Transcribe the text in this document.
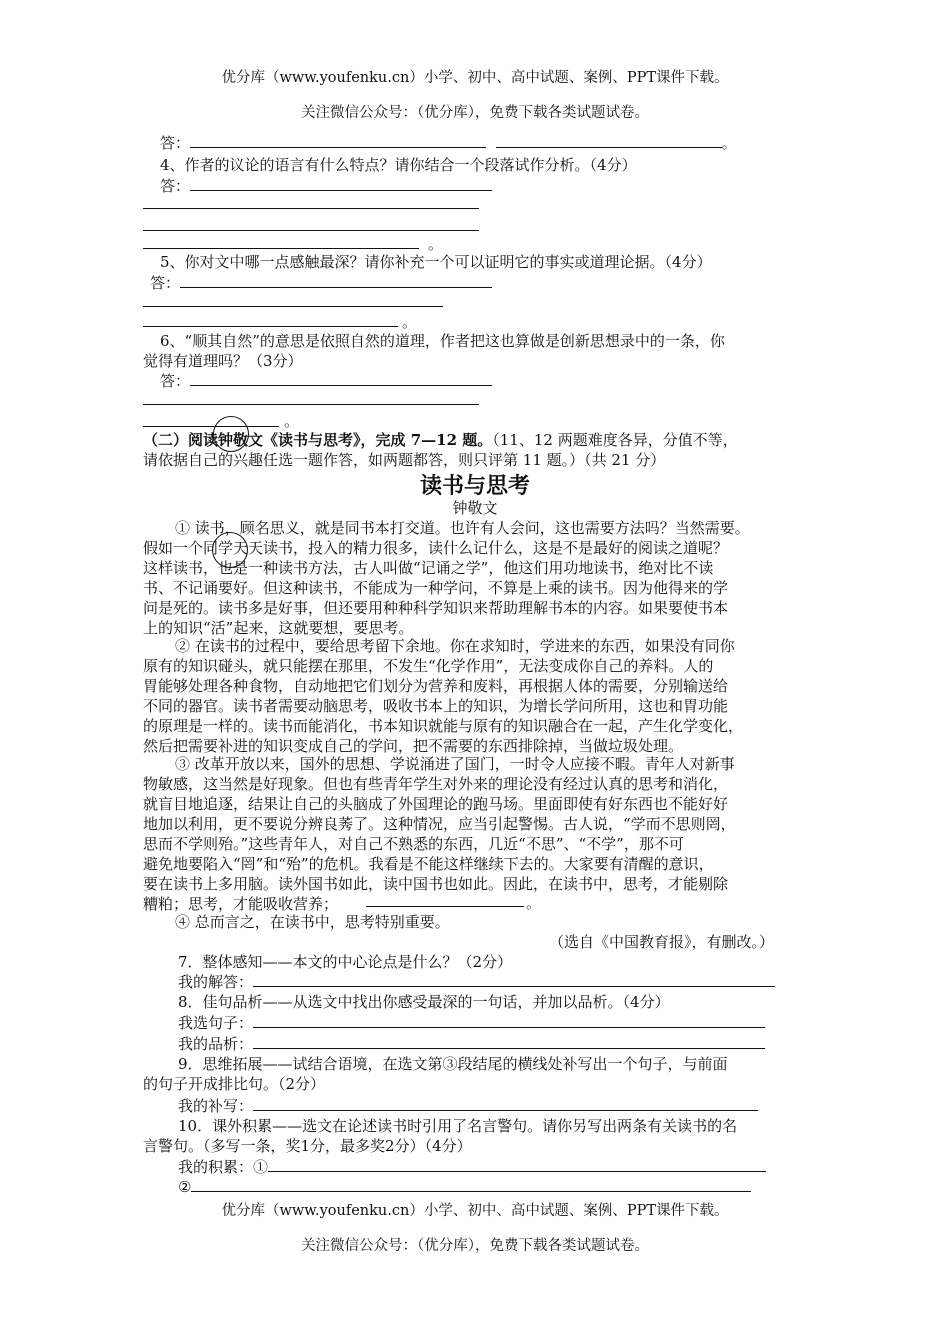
优分库（www.youfenku.cn）小学、初中、高中试题、案例、PPT课件下载。
关注微信公众号：（优分库），免费下载各类试题试卷。
答：	。
4、作者的议论的语言有什么特点？请你结合一个段落试作分析。（4分）
答：
。
5、你对文中哪一点感触最深？请你补充一个可以证明它的事实或道理论据。（4分）
答：
。
6、“顺其自然”的意思是依照自然的道理，作者把这也算做是创新思想录中的一条，你
觉得有道理吗？（3分）
答：
。
（二）阅读钟敬文《读书与思考》，完成 7—12 题。（11、12 两题难度各异，分值不等，
请依据自己的兴趣任选一题作答，如两题都答，则只评第 11 题。）（共 21 分）
读书与思考
钟敬文
① 读书，顾名思义，就是同书本打交道。也许有人会问，这也需要方法吗？当然需要。
假如一个同学天天读书，投入的精力很多，读什么记什么，这是不是最好的阅读之道呢？
这样读书，也是一种读书方法，古人叫做“记诵之学”，他这们用功地读书，绝对比不读
书、不记诵要好。但这种读书，不能成为一种学问，不算是上乘的读书。因为他得来的学
问是死的。读书多是好事，但还要用种种科学知识来帮助理解书本的内容。如果要使书本
上的知识“活”起来，这就要想，要思考。
② 在读书的过程中，要给思考留下余地。你在求知时，学进来的东西，如果没有同你
原有的知识碰头，就只能摆在那里，不发生“化学作用”，无法变成你自己的养料。人的
胃能够处理各种食物，自动地把它们划分为营养和废料，再根据人体的需要，分别输送给
不同的器官。读书者需要动脑思考，吸收书本上的知识，为增长学问所用，这也和胃功能
的原理是一样的。读书而能消化，书本知识就能与原有的知识融合在一起，产生化学变化，
然后把需要补进的知识变成自己的学问，把不需要的东西排除掉，当做垃圾处理。
③ 改革开放以来，国外的思想、学说涌进了国门，一时令人应接不暇。青年人对新事
物敏感，这当然是好现象。但也有些青年学生对外来的理论没有经过认真的思考和消化，
就盲目地追逐，结果让自己的头脑成了外国理论的跑马场。里面即使有好东西也不能好好
地加以利用，更不要说分辨良莠了。这种情况，应当引起警惕。古人说，“学而不思则罔，
思而不学则殆。”这些青年人，对自己不熟悉的东西，几近“不思”、“不学”，那不可
避免地要陷入“罔”和“殆”的危机。我看是不能这样继续下去的。大家要有清醒的意识，
要在读书上多用脑。读外国书如此，读中国书也如此。因此，在读书中，思考，才能剔除
糟粕；思考，才能吸收营养；	。
④ 总而言之，在读书中，思考特别重要。
（选自《中国教育报》，有删改。）
7．整体感知——本文的中心论点是什么？（2分）
我的解答：
8．佳句品析——从选文中找出你感受最深的一句话，并加以品析。（4分）
我选句子：
我的品析：
9．思维拓展——试结合语境，在选文第③段结尾的横线处补写出一个句子，与前面
的句子开成排比句。（2分）
我的补写：
10．课外积累——选文在论述读书时引用了名言警句。请你另写出两条有关读书的名
言警句。（多写一条，奖1分，最多奖2分）（4分）
我的积累：①
②
优分库（www.youfenku.cn）小学、初中、高中试题、案例、PPT课件下载。
关注微信公众号：（优分库），免费下载各类试题试卷。
